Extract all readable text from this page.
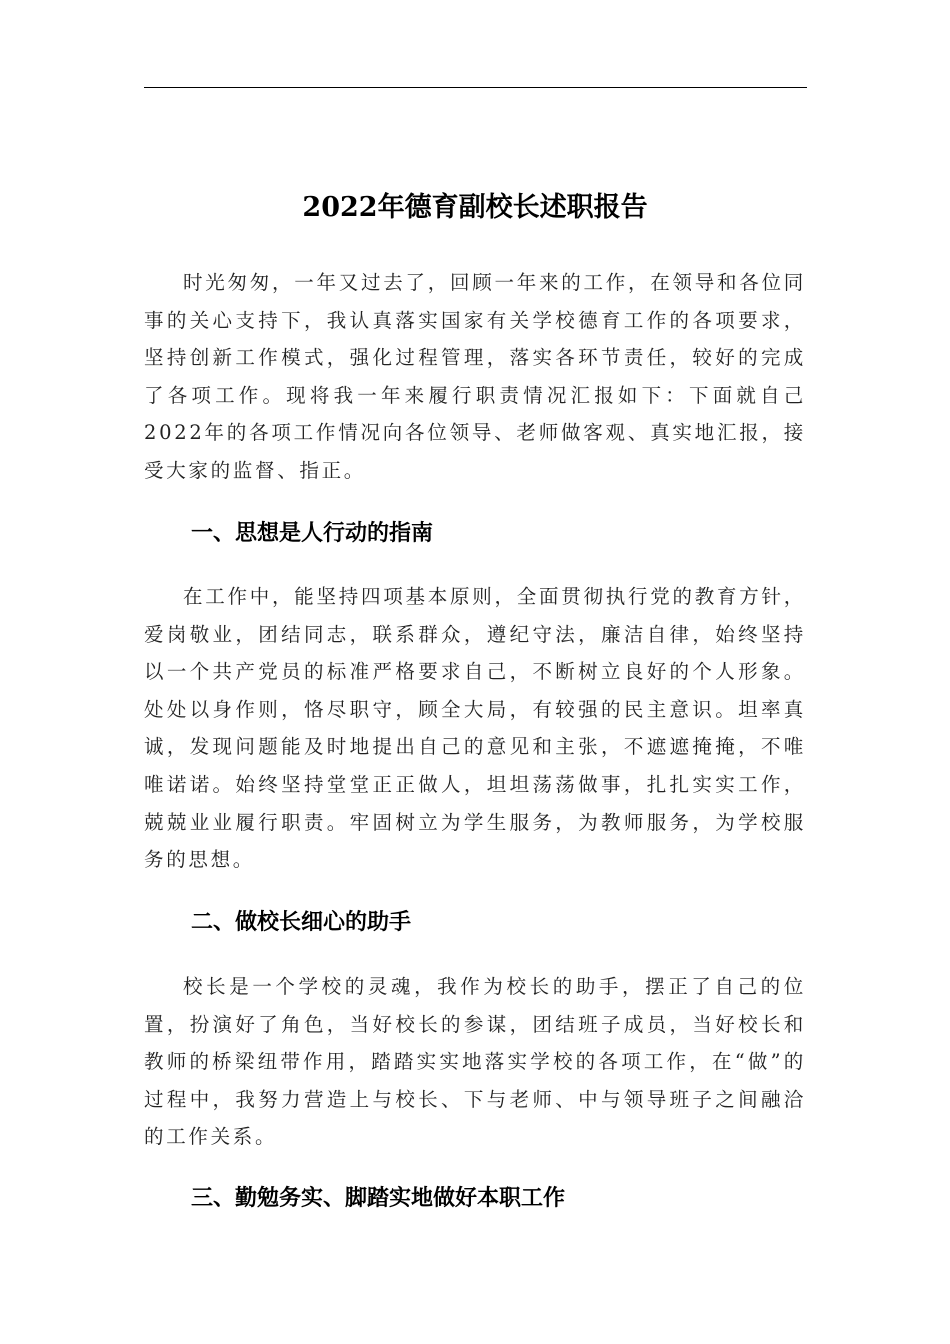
2022年德育副校长述职报告

时光匆匆，一年又过去了，回顾一年来的工作，在领导和各位同事的关心支持下，我认真落实国家有关学校德育工作的各项要求，坚持创新工作模式，强化过程管理，落实各环节责任，较好的完成了各项工作。现将我一年来履行职责情况汇报如下：下面就自己2022年的各项工作情况向各位领导、老师做客观、真实地汇报，接受大家的监督、指正。

一、思想是人行动的指南

在工作中，能坚持四项基本原则，全面贯彻执行党的教育方针，爱岗敬业，团结同志，联系群众，遵纪守法，廉洁自律，始终坚持以一个共产党员的标准严格要求自己，不断树立良好的个人形象。处处以身作则，恪尽职守，顾全大局，有较强的民主意识。坦率真诚，发现问题能及时地提出自己的意见和主张，不遮遮掩掩，不唯唯诺诺。始终坚持堂堂正正做人，坦坦荡荡做事，扎扎实实工作，兢兢业业履行职责。牢固树立为学生服务，为教师服务，为学校服务的思想。

二、做校长细心的助手

校长是一个学校的灵魂，我作为校长的助手，摆正了自己的位置，扮演好了角色，当好校长的参谋，团结班子成员，当好校长和教师的桥梁纽带作用，踏踏实实地落实学校的各项工作，在“做”的过程中，我努力营造上与校长、下与老师、中与领导班子之间融洽的工作关系。

三、勤勉务实、脚踏实地做好本职工作
